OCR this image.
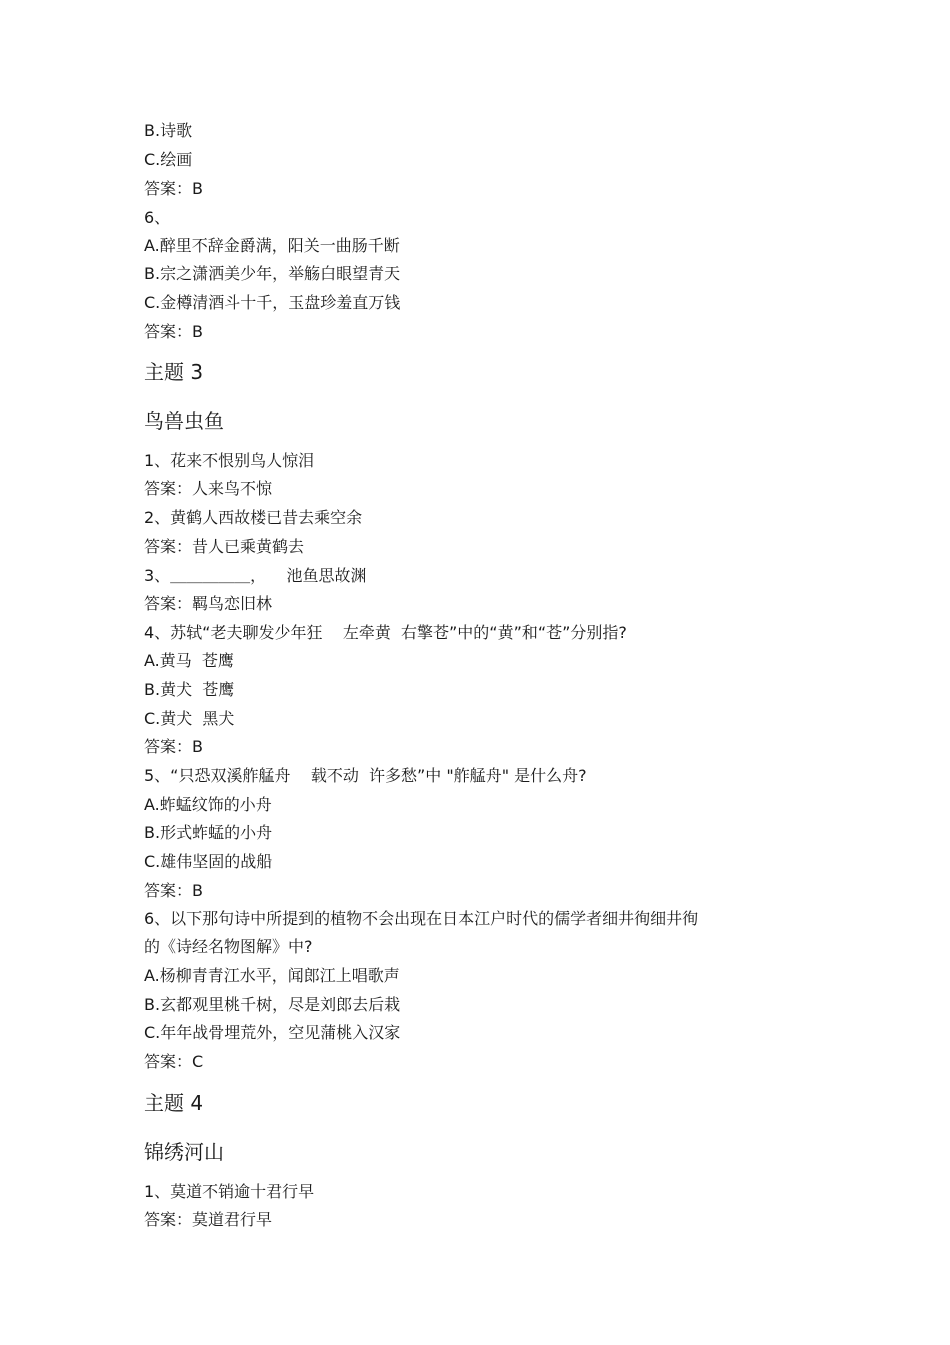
B.诗歌
C.绘画
答案：B
6、
A.醉里不辞金爵满，阳关一曲肠千断
B.宗之潇洒美少年，举觞白眼望青天
C.金樽清酒斗十千，玉盘珍羞直万钱
答案：B
主题 3
鸟兽虫鱼
1、花来不恨别鸟人惊泪
答案：人来鸟不惊
2、黄鹤人西故楼已昔去乘空余
答案：昔人已乘黄鹤去
3、＿＿＿＿＿，    池鱼思故渊
答案：羁鸟恋旧林
4、苏轼“老夫聊发少年狂    左牵黄  右擎苍”中的“黄”和“苍”分别指?
A.黄马  苍鹰
B.黄犬  苍鹰
C.黄犬  黑犬
答案：B
5、“只恐双溪舴艋舟    载不动  许多愁”中 "舴艋舟" 是什么舟?
A.蚱蜢纹饰的小舟
B.形式蚱蜢的小舟
C.雄伟坚固的战船
答案：B
6、以下那句诗中所提到的植物不会出现在日本江户时代的儒学者细井徇细井徇
的《诗经名物图解》中?
A.杨柳青青江水平，闻郎江上唱歌声
B.玄都观里桃千树，尽是刘郎去后栽
C.年年战骨埋荒外，空见蒲桃入汉家
答案：C
主题 4
锦绣河山
1、莫道不销逾十君行早
答案：莫道君行早
